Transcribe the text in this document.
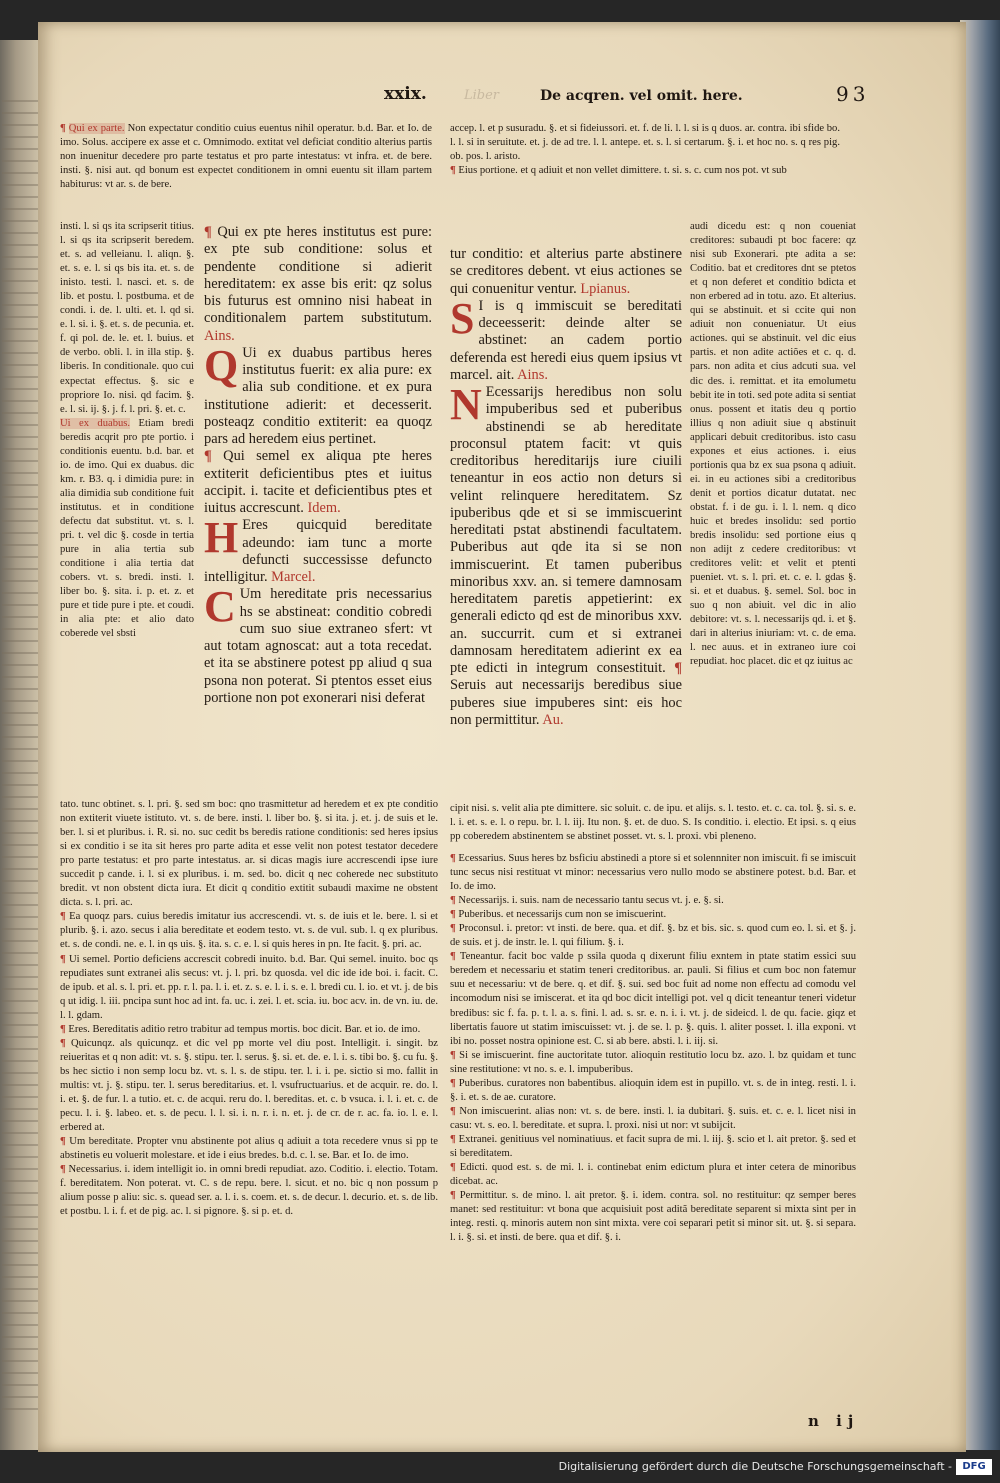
xxix.	Liber	De acqren. vel omit. here.	93

¶ Qui ex parte. Non expectatur conditio cuius euentus nihil operatur. b.d. Bar. et Io. de imo. Solus. accipere ex asse et c. Omnimodo. extitat vel deficiat conditio alterius partis non inuenitur decedere pro parte testatus et pro parte intestatus: vt infra. et. de bere. insti. §. nisi aut. qd bonum est expectet conditionem in omni euentu sit illam partem habiturus: vt ar. s. de bere.

insti. l. si qs ita scripserit titius. l. si qs ita scripserit beredem. et. s. ad velleianu. l. aliqn. §. et. s. e. l. si qs bis ita. et. s. de inisto. testi. l. nasci. et. s. de lib. et postu. l. postbuma. et de condi. i. de. l. ulti. et. l. qd si. e. l. si. i. §. et. s. de pecunia. et. f. qi pol. de. le. et. l. buius. et de verbo. obli. l. in illa stip. §. liberis. In conditionale. quo cui expectat effectus. §. sic e propriore Io. nisi. qd facim. §. e. l. si. ij. §. j. f. l. pri. §. et. c.

Ui ex duabus. Etiam bredi beredis acqrit pro pte portio. i conditionis euentu. b.d. bar. et io. de imo. Qui ex duabus. dic km. r. B3. q. i dimidia pure: in alia dimidia sub conditione fuit institutus. et in conditione defectu dat substitut. vt. s. l. pri. t. vel dic §. cosde in tertia pure in alia tertia sub conditione i alia tertia dat cobers. vt. s. bredi. insti. l. liber bo. §. sita. i. p. et. z. et pure et tide pure i pte. et coudi. in alia pte: et alio dato coberede vel sbsti

¶ Qui ex pte heres institutus est pure: ex pte sub conditione: solus et pendente conditione si adierit hereditatem: ex asse bis erit: qz solus bis futurus est omnino nisi habeat in conditionalem partem substitutum. Ains.

Q Ui ex duabus partibus heres institutus fuerit: ex alia pure: ex alia sub conditione. et ex pura institutione adierit: et decesserit. posteaqz conditio extiterit: ea quoqz pars ad heredem eius pertinet.

¶ Qui semel ex aliqua pte heres extiterit deficientibus ptes et iuitus accipit. i. tacite et deficientibus ptes et iuitus accrescunt. Idem.

H Eres quicquid bereditate adeundo: iam tunc a morte defuncti successisse defuncto intelligitur. Marcel.

C Um hereditate pris necessarius hs se abstineat: conditio cobredi cum suo siue extraneo sfert: vt aut totam agnoscat: aut a tota recedat. et ita se abstinere potest pp aliud q sua psona non poterat. Si ptentos esset eius portione non pot exonerari nisi deferat

accep. l. et p susuradu. §. et si fideiussori. et. f. de li. l. l. si is q duos. ar. contra. ibi sfide bo. l. l. si in seruitute. et. j. de ad tre. l. l. antepe. et. s. l. si certarum. §. i. et hoc no. s. q res pig. ob. pos. l. aristo.

¶ Eius portione. et q adiuit et non vellet dimittere. t. si. s. c. cum nos pot. vt sub

tur conditio: et alterius parte abstinere se creditores debent. vt eius actiones se qui conuenitur ventur. Lpianus.

S I is q immiscuit se bereditati deceesserit: deinde alter se abstinet: an cadem portio deferenda est heredi eius quem ipsius vt marcel. ait. Ains.

N Ecessarijs heredibus non solu impuberibus sed et puberibus abstinendi se ab hereditate proconsul ptatem facit: vt quis creditoribus hereditarijs iure ciuili teneantur in eos actio non deturs si velint relinquere hereditatem. Sz ipuberibus qde et si se immiscuerint hereditati pstat abstinendi facultatem. Puberibus aut qde ita si se non immiscuerint. Et tamen puberibus minoribus xxv. an. si temere damnosam hereditatem paretis appetierint: ex generali edicto qd est de minoribus xxv. an. succurrit. cum et si extranei damnosam hereditatem adierint ex ea pte edicti in integrum consestituit. ¶ Seruis aut necessarijs beredibus siue puberes siue impuberes sint: eis hoc non permittitur. Au.

audi dicedu est: q non coueniat creditores: subaudi pt boc facere: qz nisi sub Exonerari. pte adita a se: Coditio. bat et creditores dnt se ptetos et q non deferet et conditio bdicta et non erbered ad in totu. azo. Et alterius. qui se abstinuit. et si ccite qui non adiuit non conueniatur. Ut eius actiones. qui se abstinuit. vel dic eius partis. et non adite actiões et c. q. d. pars. non adita et cius adcuti sua. vel dic des. i. remittat. et ita emolumetu bebit ite in toti. sed pote adita si sentiat onus. possent et itatis deu q portio illius q non adiuit siue q abstinuit applicari debuit creditoribus. isto casu expones et eius actiones. i. eius portionis qua bz ex sua psona q adiuit. ei. in eu actiones sibi a creditoribus denit et portios dicatur dutatat. nec obstat. f. i de gu. i. l. l. nem. q dico huic et bredes insolidu: sed portio bredis insolidu: sed portione eius q non adijt z cedere creditoribus: vt creditores velit: et velit et ptenti pueniet. vt. s. l. pri. et. c. e. l. gdas §. si. et et duabus. §. semel. Sol. boc in suo q non abiuit. vel dic in alio debitore: vt. s. l. necessarijs qd. i. et §. dari in alterius iniuriam: vt. c. de ema. l. nec auus. et in extraneo iure coi repudiat. hoc placet. dic et qz iuitus ac

cipit nisi. s. velit alia pte dimittere. sic soluit. c. de ipu. et alijs. s. l. testo. et. c. ca. tol. §. si. s. e. l. i. et. s. e. l. o repu. br. l. l. iij. Itu non. §. et. de duo. S. Is conditio. i. electio. Et ipsi. s. q eius pp coberedem abstinentem se abstinet posset. vt. s. l. proxi. vbi pleneno.

tato. tunc obtinet. s. l. pri. §. sed sm boc: qno trasmittetur ad heredem et ex pte conditio non extiterit viuete istituto. vt. s. de bere. insti. l. liber bo. §. si ita. j. et. j. de suis et le. ber. l. si et pluribus. i. R. si. no. suc cedit bs beredis ratione conditionis: sed heres ipsius si ex conditio i se ita sit heres pro parte adita et esse velit non potest testator decedere pro parte testatus: et pro parte intestatus. ar. si dicas magis iure accrescendi ipse iure succedit p cande. i. l. si ex pluribus. i. m. sed. bo. dicit q nec coherede nec substituto bredit. vt non obstent dicta iura. Et dicit q conditio extitit subaudi maxime ne obstent dicta. s. l. pri. ac.

¶ Ea quoqz pars. cuius beredis imitatur ius accrescendi. vt. s. de iuis et le. bere. l. si et plurib. §. i. azo. secus i alia bereditate et eodem testo. vt. s. de vul. sub. l. q ex pluribus. et. s. de condi. ne. e. l. in qs uis. §. ita. s. c. e. l. si quis heres in pn. Ite facit. §. pri. ac.

¶ Ui semel. Portio deficiens accrescit cobredi inuito. b.d. Bar. Qui semel. inuito. boc qs repudiates sunt extranei alis secus: vt. j. l. pri. bz quosda. vel dic ide ide boi. i. facit. C. de ipub. et al. s. l. pri. et. pp. r. l. pa. l. i. et. z. s. e. l. i. s. e. l. bredi cu. l. io. et vt. j. de bis q ut idig. l. iii. pncipa sunt hoc ad int. fa. uc. i. zei. l. et. scia. iu. boc acv. in. de vn. iu. de. l. l. gdam.

¶ Eres. Bereditatis aditio retro trabitur ad tempus mortis. boc dicit. Bar. et io. de imo.

¶ Quicunqz. als quicunqz. et dic vel pp morte vel diu post. Intelligit. i. singit. bz reiueritas et q non adit: vt. s. §. stipu. ter. l. serus. §. si. et. de. e. l. i. s. tibi bo. §. cu fu. §. bs hec sictio i non semp locu bz. vt. s. l. s. de stipu. ter. l. i. i. pe. sictio si mo. fallit in multis: vt. j. §. stipu. ter. l. serus bereditarius. et. l. vsufructuarius. et de acquir. re. do. l. i. et. §. de fur. l. a tutio. et. c. de acqui. reru do. l. bereditas. et. c. b vsuca. i. l. i. et. c. de pecu. l. i. §. labeo. et. s. de pecu. l. l. si. i. n. r. i. n. et. j. de cr. de r. ac. fa. io. l. e. l. erbered at.

¶ Um bereditate. Propter vnu abstinente pot alius q adiuit a tota recedere vnus si pp te abstinetis eu voluerit molestare. et ide i eius bredes. b.d. c. l. se. Bar. et Io. de imo.

¶ Necessarius. i. idem intelligit io. in omni bredi repudiat. azo. Coditio. i. electio. Totam. f. bereditatem. Non poterat. vt. C. s de repu. bere. l. sicut. et no. bic q non possum p alium posse p aliu: sic. s. quead ser. a. l. i. s. coem. et. s. de decur. l. decurio. et. s. de lib. et postbu. l. i. f. et de pig. ac. l. si pignore. §. si p. et. d.

¶ Ecessarius. Suus heres bz bsficiu abstinedi a ptore si et solennniter non imiscuit. fi se imiscuit tunc secus nisi restituat vt minor: necessarius vero nullo modo se abstinere potest. b.d. Bar. et Io. de imo.

¶ Necessarijs. i. suis. nam de necessario tantu secus vt. j. e. §. si.

¶ Puberibus. et necessarijs cum non se imiscuerint.

¶ Proconsul. i. pretor: vt insti. de bere. qua. et dif. §. bz et bis. sic. s. quod cum eo. l. si. et §. j. de suis. et j. de instr. le. l. qui filium. §. i.

¶ Teneantur. facit boc valde p ssila quoda q dixerunt filiu exntem in ptate statim essici suu beredem et necessariu et statim teneri creditoribus. ar. pauli. Si filius et cum boc non fatemur suu et necessariu: vt de bere. q. et dif. §. sui. sed boc fuit ad nome non effectu ad comodu vel incomodum nisi se imiscerat. et ita qd boc dicit intelligi pot. vel q dicit teneantur teneri videtur bredibus: sic f. fa. p. t. l. a. s. fini. l. ad. s. sr. e. n. i. i. vt. j. de sideicd. l. de qu. facie. giqz et libertatis fauore ut statim imiscuisset: vt. j. de se. l. p. §. quis. l. aliter posset. l. illa exponi. vt ibi no. posset nostra opinione est. C. si ab bere. absti. l. i. iij. si.

¶ Si se imiscuerint. fine auctoritate tutor. alioquin restitutio locu bz. azo. l. bz quidam et tunc sine restitutione: vt no. s. e. l. impuberibus.

¶ Puberibus. curatores non babentibus. alioquin idem est in pupillo. vt. s. de in integ. resti. l. i. §. i. et. s. de ae. curatore.

¶ Non imiscuerint. alias non: vt. s. de bere. insti. l. ia dubitari. §. suis. et. c. e. l. licet nisi in casu: vt. s. eo. l. bereditate. et supra. l. proxi. nisi ut nor: vt subijcit.

¶ Extranei. genitiuus vel nominatiuus. et facit supra de mi. l. iij. §. scio et l. ait pretor. §. sed et si bereditatem.

¶ Edicti. quod est. s. de mi. l. i. continebat enim edictum plura et inter cetera de minoribus dicebat. ac.

¶ Permittitur. s. de mino. l. ait pretor. §. i. idem. contra. sol. no restituitur: qz semper beres manet: sed restituitur: vt bona que acquisiuit post aditã bereditate separent si mixta sint per in integ. resti. q. minoris autem non sint mixta. vere coi separari petit si minor sit. ut. §. si separa. l. i. §. si. et insti. de bere. qua et dif. §. i.

n ij
Digitalisierung gefördert durch die Deutsche Forschungsgemeinschaft -	DFG
